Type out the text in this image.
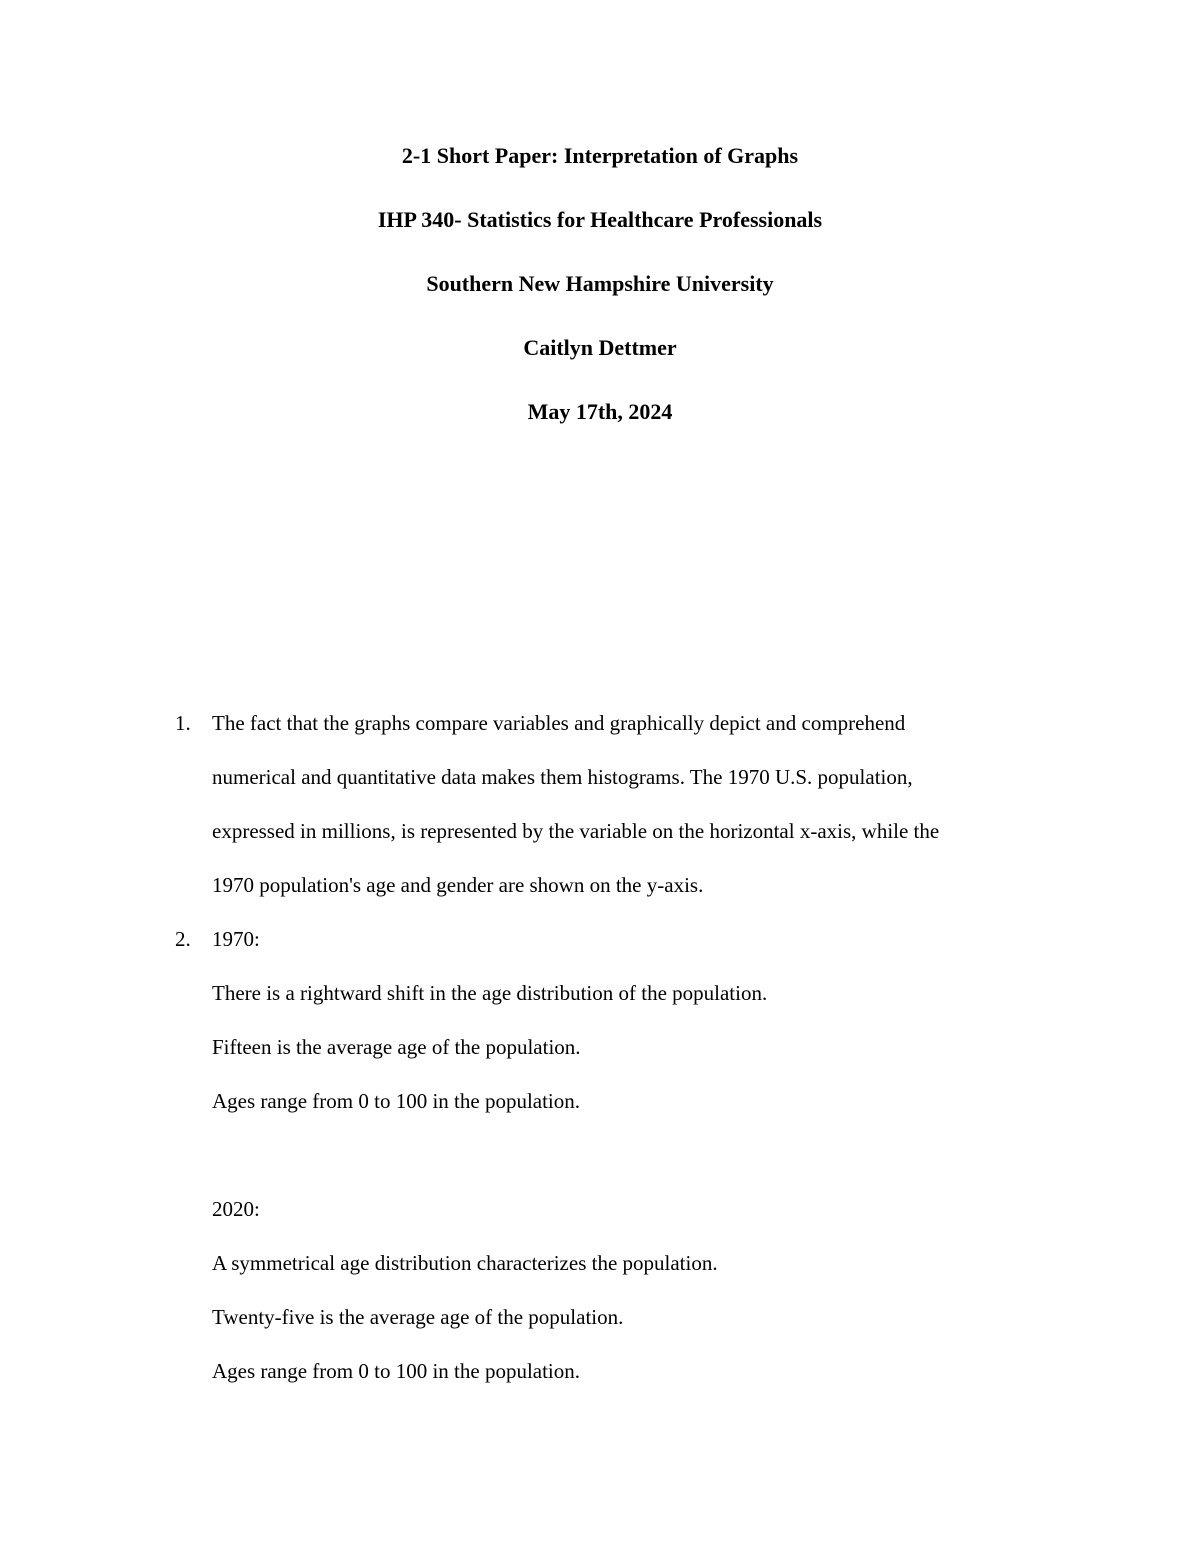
2-1 Short Paper: Interpretation of Graphs
IHP 340- Statistics for Healthcare Professionals
Southern New Hampshire University
Caitlyn Dettmer
May 17th, 2024
1. The fact that the graphs compare variables and graphically depict and comprehend
numerical and quantitative data makes them histograms. The 1970 U.S. population,
expressed in millions, is represented by the variable on the horizontal x-axis, while the
1970 population's age and gender are shown on the y-axis.
2. 1970:
There is a rightward shift in the age distribution of the population.
Fifteen is the average age of the population.
Ages range from 0 to 100 in the population.
2020:
A symmetrical age distribution characterizes the population.
Twenty-five is the average age of the population.
Ages range from 0 to 100 in the population.
